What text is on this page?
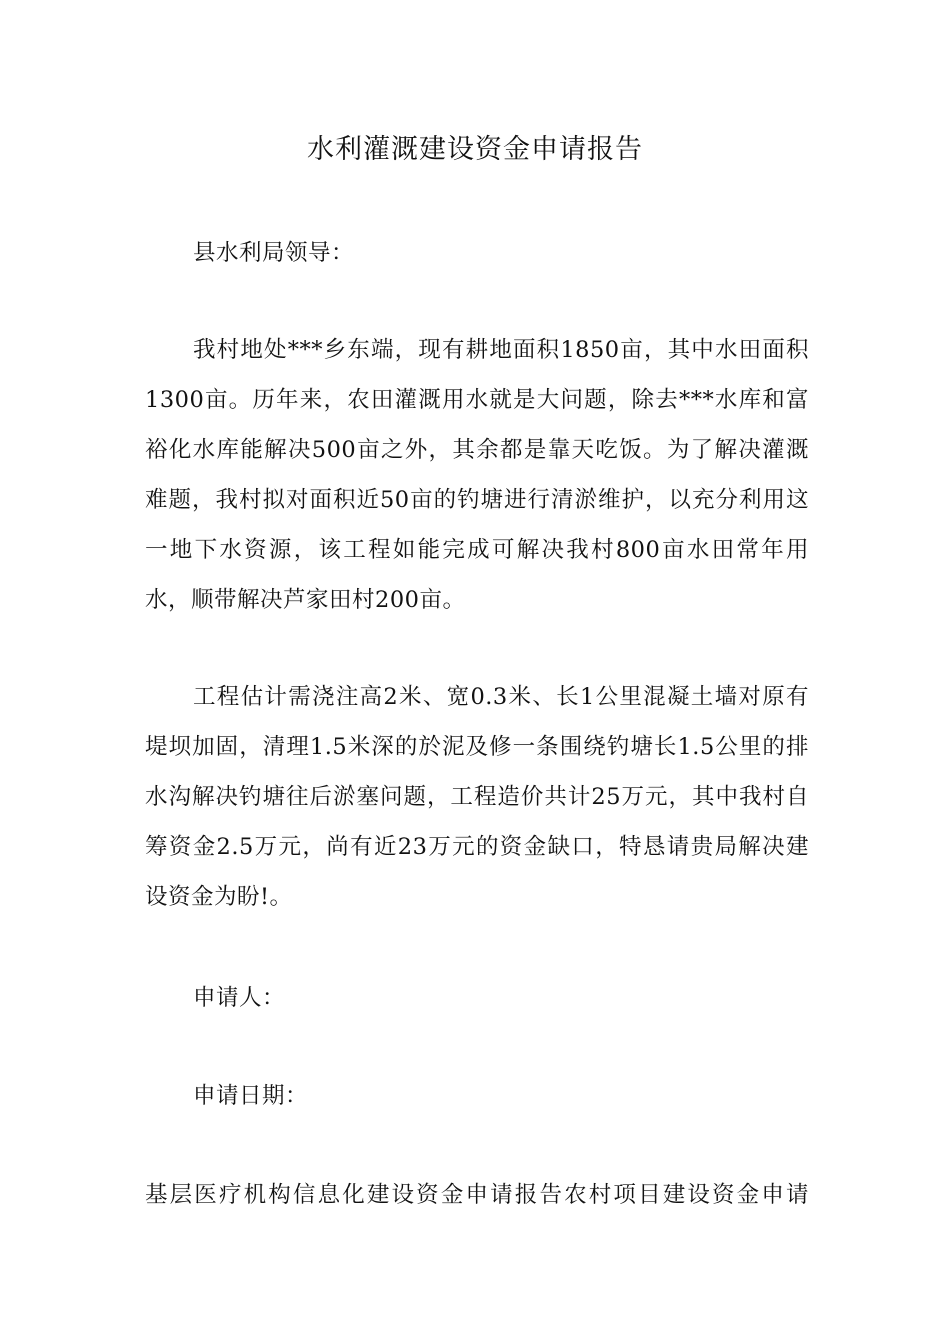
水利灌溉建设资金申请报告

县水利局领导：

我村地处***乡东端，现有耕地面积1850亩，其中水田面积1300亩。历年来，农田灌溉用水就是大问题，除去***水库和富裕化水库能解决500亩之外，其余都是靠天吃饭。为了解决灌溉难题，我村拟对面积近50亩的钓塘进行清淤维护，以充分利用这一地下水资源，该工程如能完成可解决我村800亩水田常年用水，顺带解决芦家田村200亩。

工程估计需浇注高2米、宽0.3米、长1公里混凝土墙对原有堤坝加固，清理1.5米深的於泥及修一条围绕钓塘长1.5公里的排水沟解决钓塘往后淤塞问题，工程造价共计25万元，其中我村自筹资金2.5万元，尚有近23万元的资金缺口，特恳请贵局解决建设资金为盼!。

申请人：

申请日期：

基层医疗机构信息化建设资金申请报告农村项目建设资金申请
